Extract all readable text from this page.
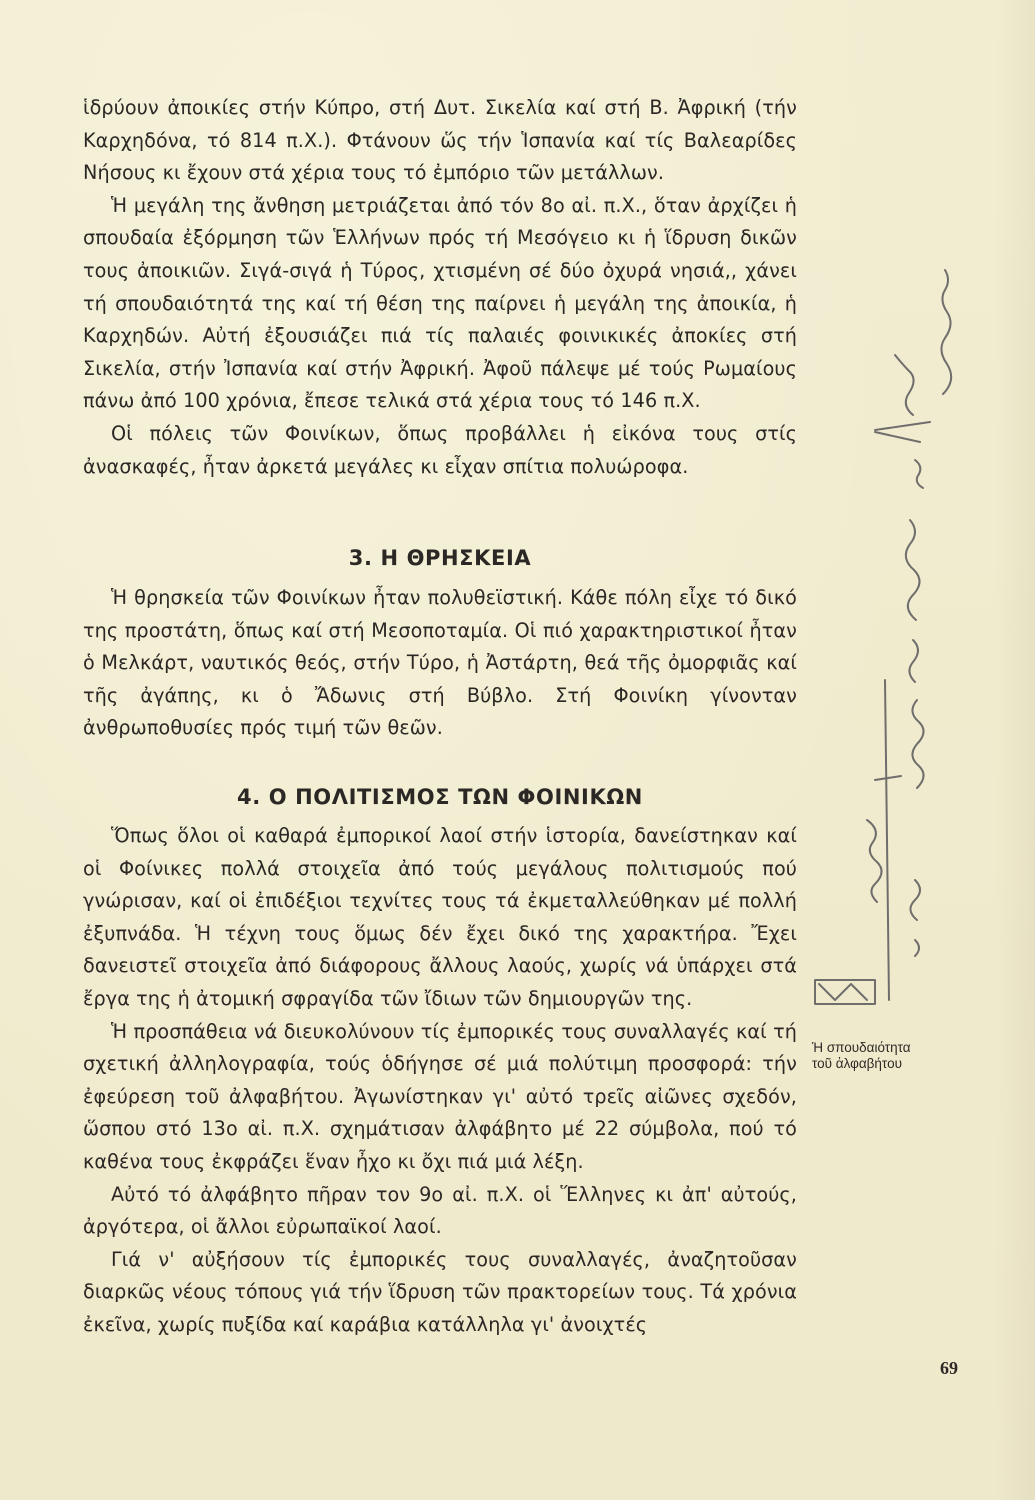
ἱδρύουν ἀποικίες στήν Κύπρο, στή Δυτ. Σικελία καί στή Β. Ἀφρική (τήν Καρχηδόνα, τό 814 π.Χ.). Φτάνουν ὥς τήν Ἱσπανία καί τίς Βαλεαρίδες Νήσους κι ἔχουν στά χέρια τους τό ἐμπόριο τῶν μετάλλων.

Ἡ μεγάλη της ἄνθηση μετριάζεται ἀπό τόν 8ο αἰ. π.Χ., ὅταν ἀρχίζει ἡ σπουδαία ἐξόρμηση τῶν Ἑλλήνων πρός τή Μεσόγειο κι ἡ ἵδρυση δικῶν τους ἀποικιῶν. Σιγά-σιγά ἡ Τύρος, χτισμένη σέ δύο ὀχυρά νησιά,, χάνει τή σπουδαιότητά της καί τή θέση της παίρνει ἡ μεγάλη της ἀποικία, ἡ Καρχηδών. Αὐτή ἐξουσιάζει πιά τίς παλαιές φοινικικές ἀποκίες στή Σικελία, στήν Ἰσπανία καί στήν Ἀφρική. Ἀφοῦ πάλεψε μέ τούς Ρωμαίους πάνω ἀπό 100 χρόνια, ἔπεσε τελικά στά χέρια τους τό 146 π.Χ.

Οἱ πόλεις τῶν Φοινίκων, ὅπως προβάλλει ἡ εἰκόνα τους στίς ἀνασκαφές, ἦταν ἀρκετά μεγάλες κι εἶχαν σπίτια πολυώροφα.

3. Η ΘΡΗΣΚΕΙΑ

Ἡ θρησκεία τῶν Φοινίκων ἦταν πολυθεϊστική. Κάθε πόλη εἶχε τό δικό της προστάτη, ὅπως καί στή Μεσοποταμία. Οἱ πιό χαρακτηριστικοί ἦταν ὁ Μελκάρτ, ναυτικός θεός, στήν Τύρο, ἡ Ἀστάρτη, θεά τῆς ὀμορφιᾶς καί τῆς ἀγάπης, κι ὁ Ἄδωνις στή Βύβλο. Στή Φοινίκη γίνονταν ἀνθρωποθυσίες πρός τιμή τῶν θεῶν.

4. Ο ΠΟΛΙΤΙΣΜΟΣ ΤΩΝ ΦΟΙΝΙΚΩΝ

Ὅπως ὅλοι οἱ καθαρά ἐμπορικοί λαοί στήν ἱστορία, δανείστηκαν καί οἱ Φοίνικες πολλά στοιχεῖα ἀπό τούς μεγάλους πολιτισμούς πού γνώρισαν, καί οἱ ἐπιδέξιοι τεχνίτες τους τά ἐκμεταλλεύθηκαν μέ πολλή ἐξυπνάδα. Ἡ τέχνη τους ὅμως δέν ἔχει δικό της χαρακτήρα. Ἔχει δανειστεῖ στοιχεῖα ἀπό διάφορους ἄλλους λαούς, χωρίς νά ὑπάρχει στά ἔργα της ἡ ἀτομική σφραγίδα τῶν ἴδιων τῶν δημιουργῶν της.

Ἡ προσπάθεια νά διευκολύνουν τίς ἐμπορικές τους συναλλαγές καί τή σχετική ἀλληλογραφία, τούς ὁδήγησε σέ μιά πολύτιμη προσφορά: τήν ἐφεύρεση τοῦ ἀλφαβήτου. Ἀγωνίστηκαν γι' αὐτό τρεῖς αἰῶνες σχεδόν, ὥσπου στό 13ο αἰ. π.Χ. σχημάτισαν ἀλφάβητο μέ 22 σύμβολα, πού τό καθένα τους ἐκφράζει ἕναν ἦχο κι ὄχι πιά μιά λέξη.

Αὐτό τό ἀλφάβητο πῆραν τον 9ο αἰ. π.Χ. οἱ Ἕλληνες κι ἀπ' αὐτούς, ἀργότερα, οἱ ἄλλοι εὐρωπαϊκοί λαοί.

Γιά ν' αὐξήσουν τίς ἐμπορικές τους συναλλαγές, ἀναζητοῦσαν διαρκῶς νέους τόπους γιά τήν ἵδρυση τῶν πρακτορείων τους. Τά χρόνια ἐκεῖνα, χωρίς πυξίδα καί καράβια κατάλληλα γι' ἀνοιχτές

Ἡ σπουδαιότητα
τοῦ ἀλφαβήτου
69
